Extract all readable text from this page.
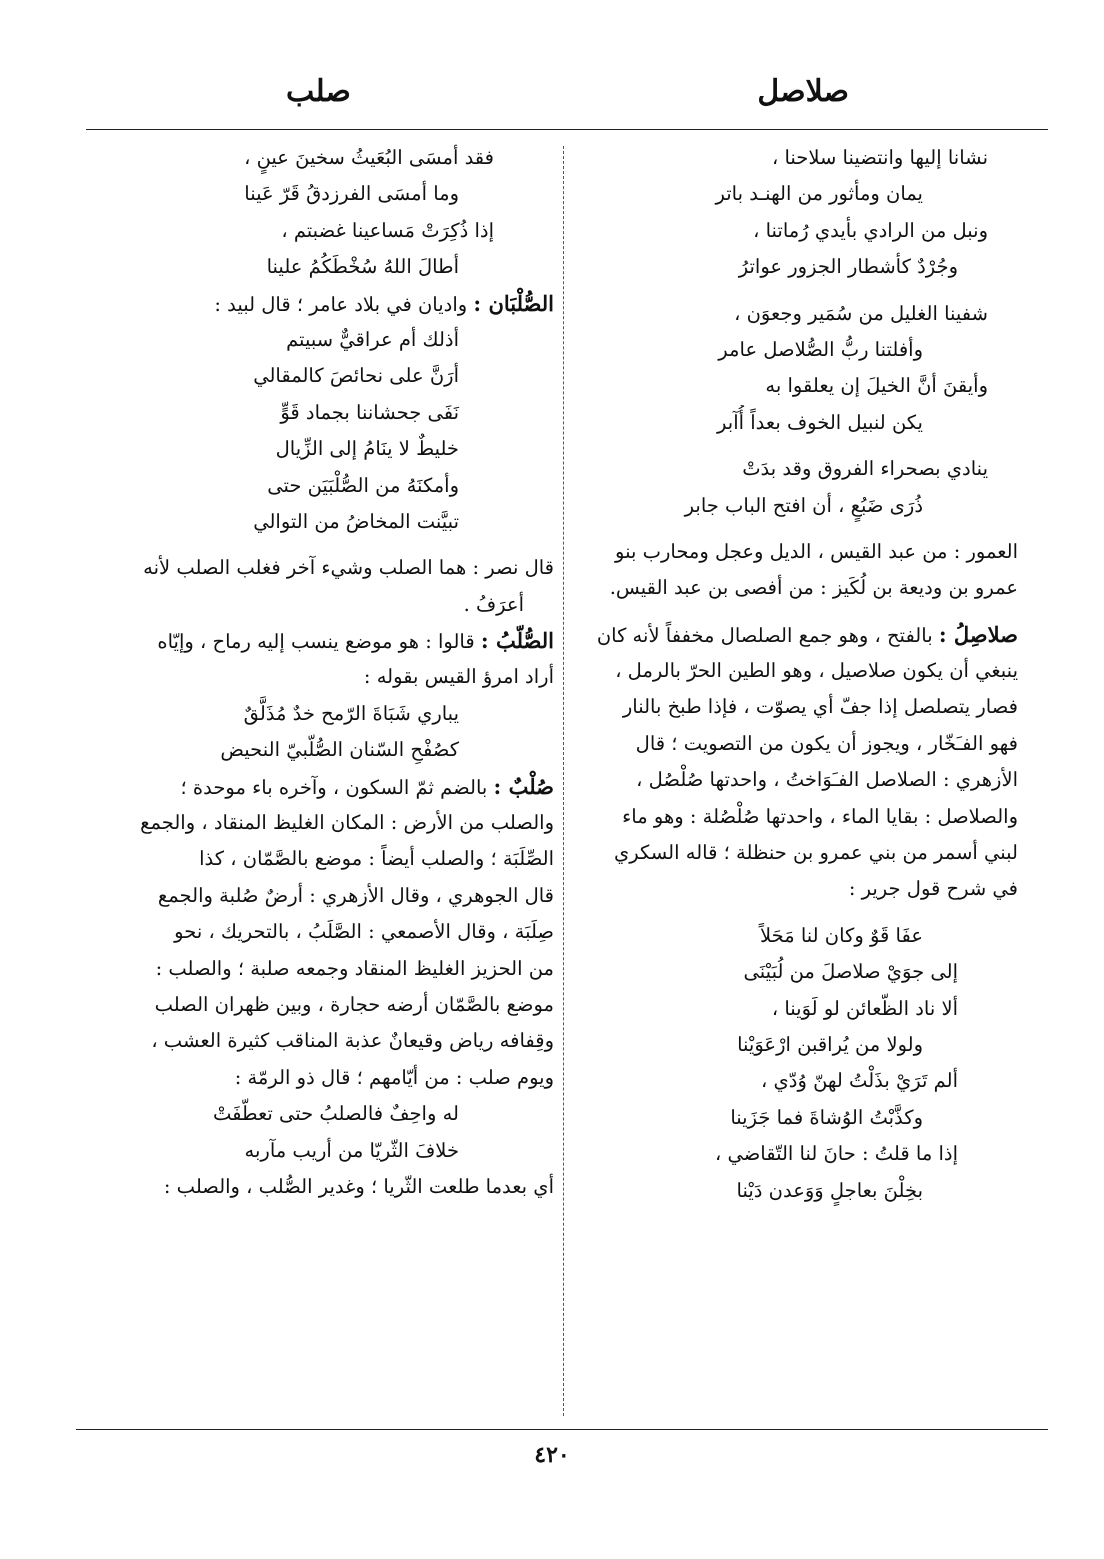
صلاصل
صلب
نشانا إليها وانتضينا سلاحنا ،
يمان ومأثور من الهنـد باتر
ونبل من الرادي بأيدي رُماتنا ،
وجُرْدٌ كأشطار الجزور عواترُ
شفينا الغليل من سُمَير وجعوَن ،
وأفلتنا ربُّ الصُّلاصل عامر
وأيقنَ أنَّ الخيلَ إن يعلقوا به
يكن لنبيل الخوف بعداً أُآبر
ينادي بصحراء الفروق وقد بدَتْ
ذُرَى ضَبُعٍ ، أن افتح الباب جابر
العمور : من عبد القيس ، الديل وعجل ومحارب بنو
عمرو بن وديعة بن لُكَيز : من أفصى بن عبد القيس.
صلاصِلُ : بالفتح ، وهو جمع الصلصال مخففاً لأنه كان
ينبغي أن يكون صلاصيل ، وهو الطين الحرّ بالرمل ،
فصار يتصلصل إذا جفّ أي يصوّت ، فإذا طبخ بالنار
فهو الفـَخّار ، ويجوز أن يكون من التصويت ؛ قال
الأزهري : الصلاصل الفـَوَاختُ ، واحدتها صُلْصُل ،
والصلاصل : بقايا الماء ، واحدتها صُلْصُلة : وهو ماء
لبني أسمر من بني عمرو بن حنظلة ؛ قاله السكري
في شرح قول جرير :
عفَا قَوٌ وكان لنا مَحَلاً
إلى جوَيْ صلاصلَ من لُبَيْنَى
ألا ناد الظّعائن لو لَوَينا ،
ولولا من يُراقبن ارْعَوَيْنا
ألم تَرَيْ بذَلْتُ لهنّ وُدّي ،
وكذَّبْتُ الوُشاةَ فما جَزَينا
إذا ما قلتُ : حانَ لنا التّقاضي ،
بخِلْنَ بعاجلٍ وَوَعدن دَيْنا
فقد أمسَى البُعَيثُ سخينَ عينٍ ،
وما أمسَى الفرزدقُ قَرّ عَينا
إذا ذُكِرَتْ مَساعينا غضبتم ،
أطالَ اللهُ سُخْطَكُمُ علينا
الصُّلْبَان : واديان في بلاد عامر ؛ قال لبيد :
أذلك أم عراقيٌّ سبيتم
أرَنَّ على نحائصَ كالمقالي
نَفَى جحشاننا بجماد قَوٍّ
خليطٌ لا ينَامُ إلى الزِّيال
وأمكنَهُ من الصُّلْبَيَن حتى
تبيَّنت المخاضُ من التوالي
قال نصر : هما الصلب وشيء آخر فغلب الصلب لأنه
أعرَفُ .
الصُّلّبُ : قالوا : هو موضع ينسب إليه رماح ، وإيّاه
أراد امرؤ القيس بقوله :
يباري شَبَاةَ الرّمح خدٌ مُذَلَّقٌ
كصُفْحِ السّنان الصُّلّبيّ النحيض
صُلْبٌ : بالضم ثمّ السكون ، وآخره باء موحدة ؛
والصلب من الأرض : المكان الغليظ المنقاد ، والجمع
الصِّلَبَة ؛ والصلب أيضاً : موضع بالصَّمّان ، كذا
قال الجوهري ، وقال الأزهري : أرضٌ صُلبة والجمع
صِلَبَة ، وقال الأصمعي : الصَّلَبُ ، بالتحريك ، نحو
من الحزيز الغليظ المنقاد وجمعه صلبة ؛ والصلب :
موضع بالصَّمّان أرضه حجارة ، وبين ظهران الصلب
وقِفافه رياض وقيعانٌ عذبة المناقب كثيرة العشب ،
ويوم صلب : من أيّامهم ؛ قال ذو الرمّة :
له واحِفٌ فالصلبُ حتى تعطّفَتْ
خلافَ الثّريّا من أريب مآربه
أي بعدما طلعت الثّريا ؛ وغدير الصُّلب ، والصلب :
٤٢٠
